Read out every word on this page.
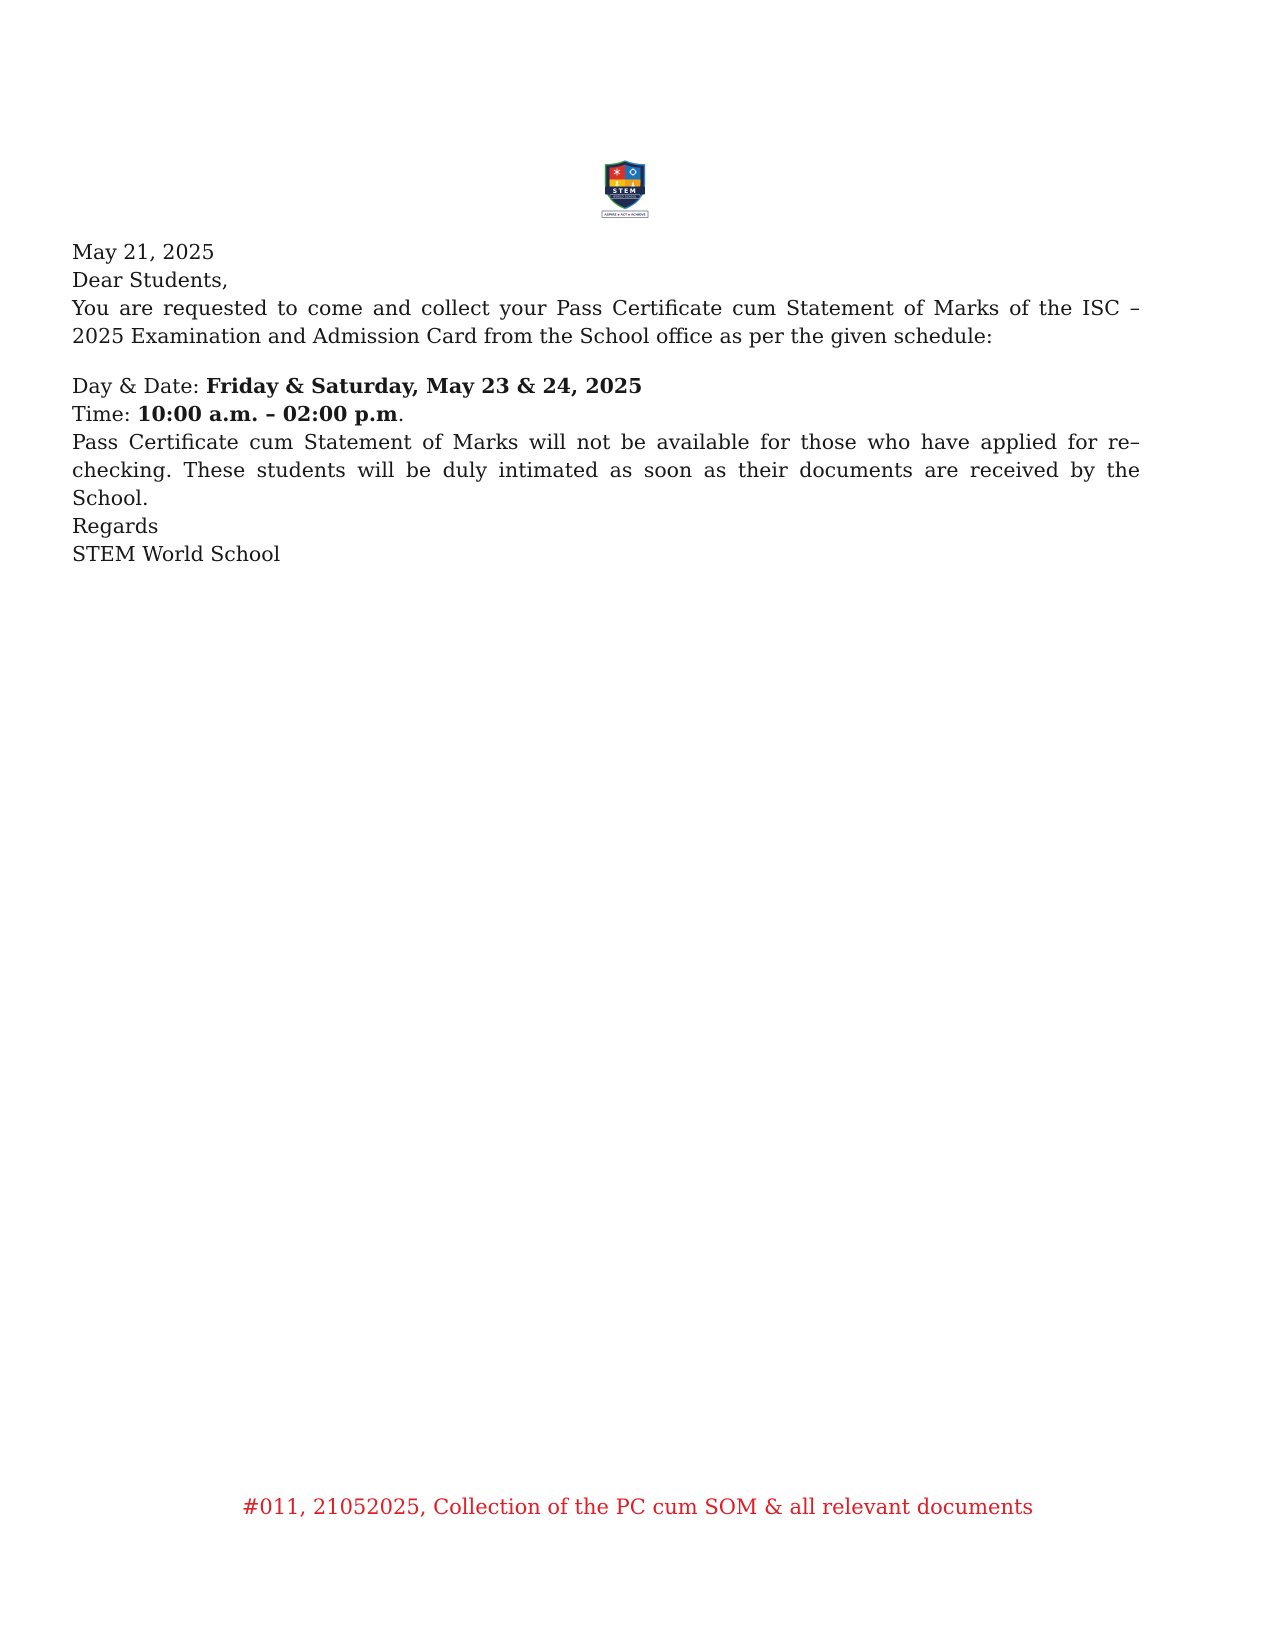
STEM
WORLD SCHOOL
ASPIRE◆ACT◆ACHIEVE

May 21, 2025

Dear Students,

You are requested to come and collect your Pass Certificate cum Statement of Marks of the ISC – 2025 Examination and Admission Card from the School office as per the given schedule:

Day & Date: Friday & Saturday, May 23 & 24, 2025

Time: 10:00 a.m. – 02:00 p.m.

Pass Certificate cum Statement of Marks will not be available for those who have applied for re–checking. These students will be duly intimated as soon as their documents are received by the School.

Regards

STEM World School

#011, 21052025, Collection of the PC cum SOM & all relevant documents
